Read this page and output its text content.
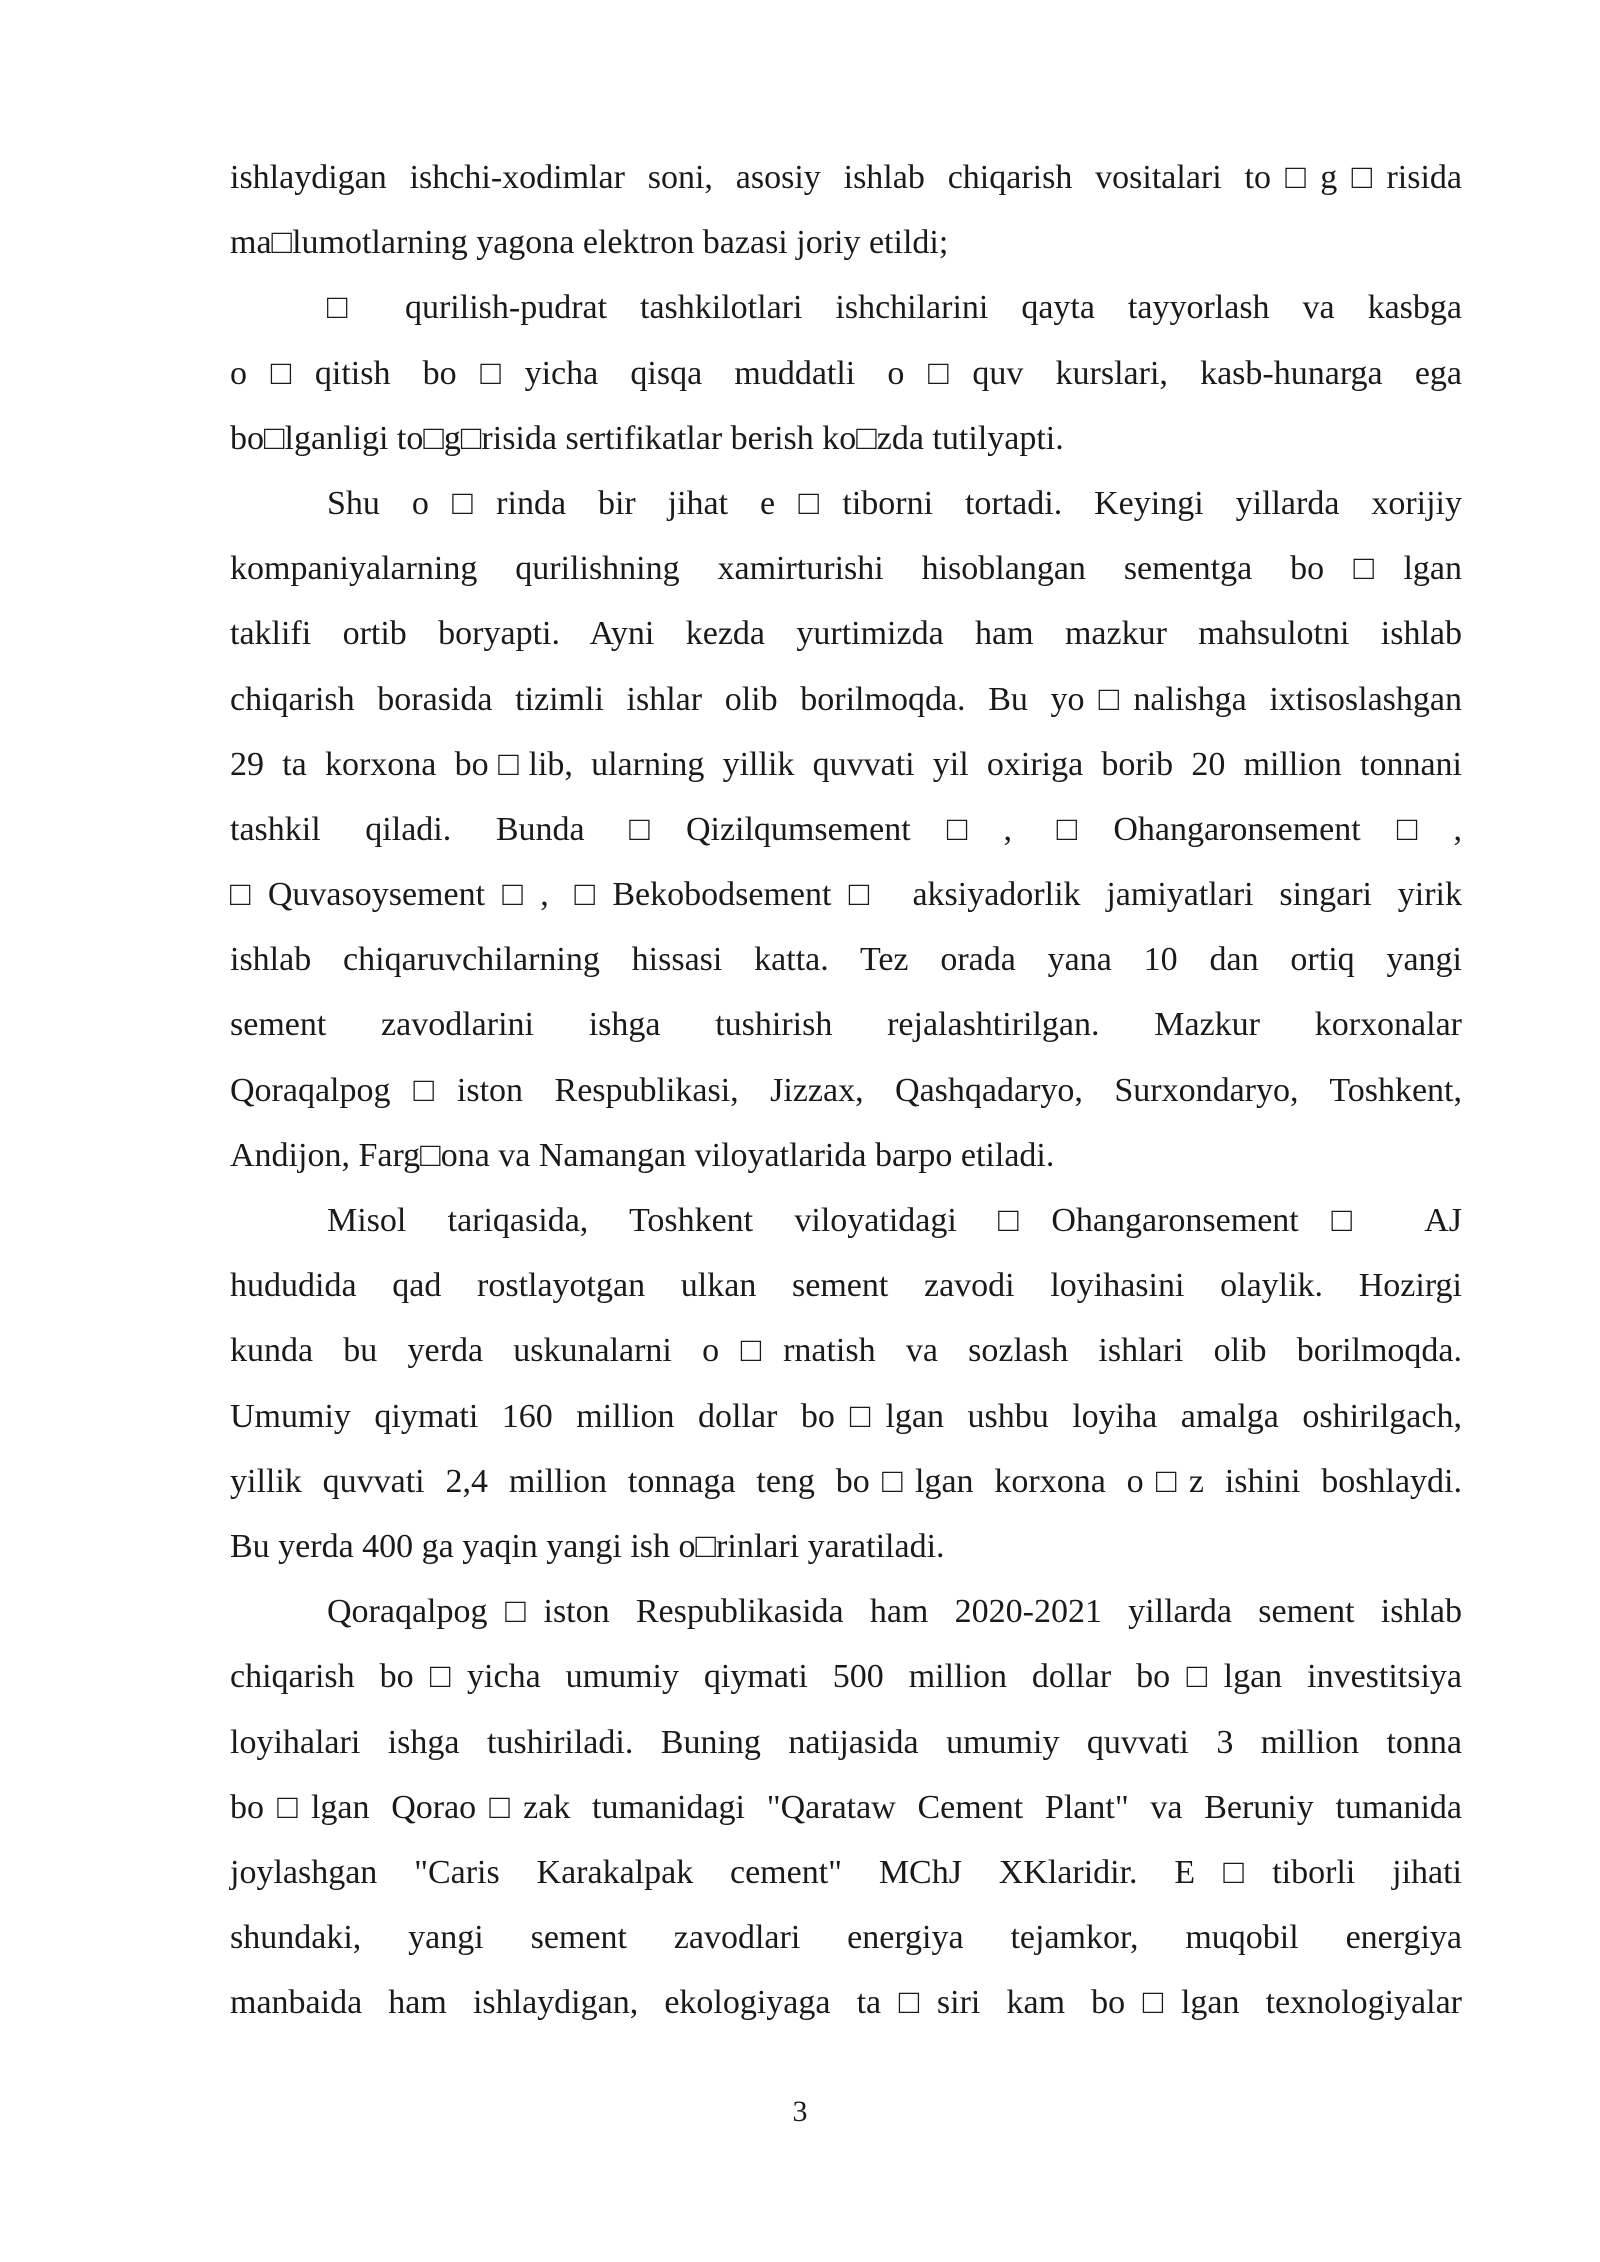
ishlaydigan ishchi-xodimlar soni, asosiy ishlab chiqarish vositalari to□g□risida
ma□lumotlarning yagona elektron bazasi joriy etildi;
□ qurilish-pudrat tashkilotlari ishchilarini qayta tayyorlash va kasbga
o□qitish bo□yicha qisqa muddatli o□quv kurslari, kasb-hunarga ega
bo□lganligi to□g□risida sertifikatlar berish ko□zda tutilyapti.
Shu o□rinda bir jihat e□tiborni tortadi. Keyingi yillarda xorijiy
kompaniyalarning qurilishning xamirturishi hisoblangan sementga bo□lgan
taklifi ortib boryapti. Ayni kezda yurtimizda ham mazkur mahsulotni ishlab
chiqarish borasida tizimli ishlar olib borilmoqda. Bu yo□nalishga ixtisoslashgan
29 ta korxona bo□lib, ularning yillik quvvati yil oxiriga borib 20 million tonnani
tashkil qiladi. Bunda □Qizilqumsement□, □Ohangaronsement□,
□Quvasoysement□, □Bekobodsement□ aksiyadorlik jamiyatlari singari yirik
ishlab chiqaruvchilarning hissasi katta. Tez orada yana 10 dan ortiq yangi
sement zavodlarini ishga tushirish rejalashtirilgan. Mazkur korxonalar
Qoraqalpog□iston Respublikasi, Jizzax, Qashqadaryo, Surxondaryo, Toshkent,
Andijon, Farg□ona va Namangan viloyatlarida barpo etiladi.
Misol tariqasida, Toshkent viloyatidagi □Ohangaronsement□ AJ
hududida qad rostlayotgan ulkan sement zavodi loyihasini olaylik. Hozirgi
kunda bu yerda uskunalarni o□rnatish va sozlash ishlari olib borilmoqda.
Umumiy qiymati 160 million dollar bo□lgan ushbu loyiha amalga oshirilgach,
yillik quvvati 2,4 million tonnaga teng bo□lgan korxona o□z ishini boshlaydi.
Bu yerda 400 ga yaqin yangi ish o□rinlari yaratiladi.
Qoraqalpog□iston Respublikasida ham 2020-2021 yillarda sement ishlab
chiqarish bo□yicha umumiy qiymati 500 million dollar bo□lgan investitsiya
loyihalari ishga tushiriladi. Buning natijasida umumiy quvvati 3 million tonna
bo□lgan Qorao□zak tumanidagi "Qarataw Cement Plant" va Beruniy tumanida
joylashgan "Caris Karakalpak cement" MChJ XKlaridir. E□tiborli jihati
shundaki, yangi sement zavodlari energiya tejamkor, muqobil energiya
manbaida ham ishlaydigan, ekologiyaga ta□siri kam bo□lgan texnologiyalar
3
